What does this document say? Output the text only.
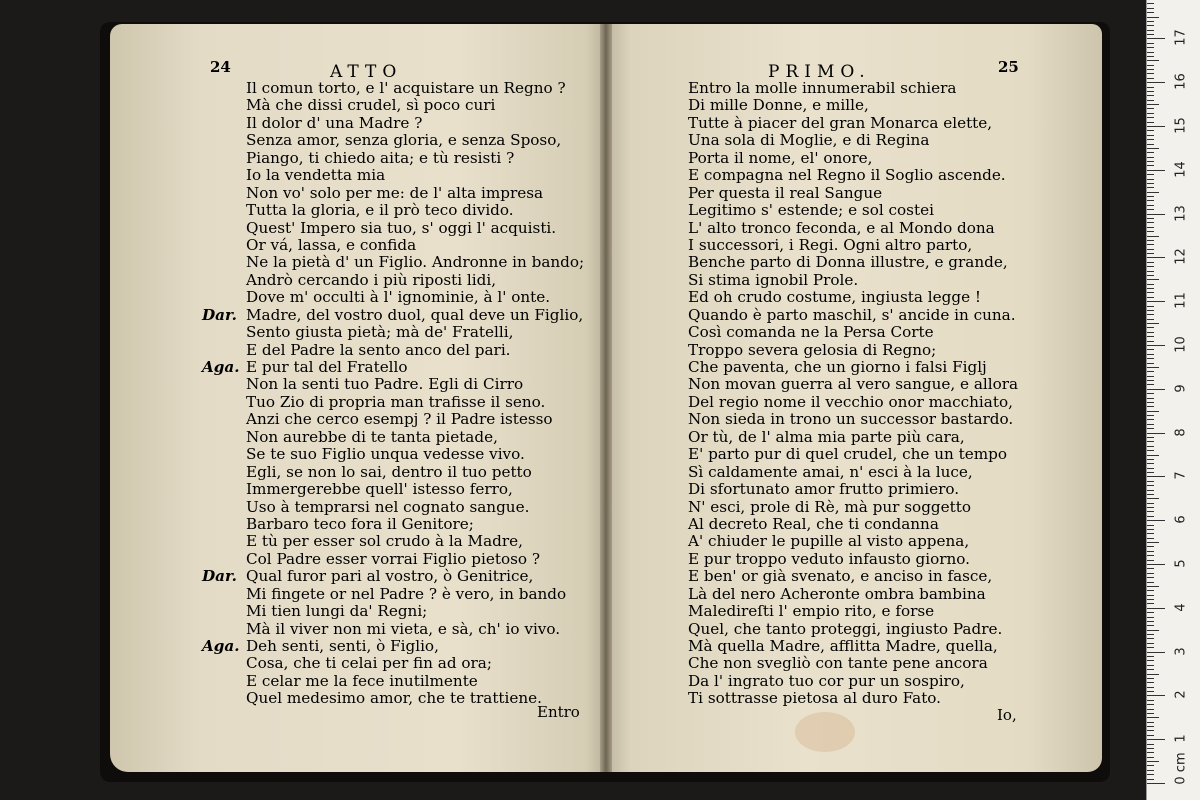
24	ATTO
Il comun torto, e l' acquistare un Regno ?
Mà che dissi crudel, sì poco curi
Il dolor d' una Madre ?
Senza amor, senza gloria, e senza Sposo,
Piango, ti chiedo aita; e tù resisti ?
Io la vendetta mia
Non vo' solo per me: de l' alta impresa
Tutta la gloria, e il prò teco divido.
Quest' Impero sia tuo, s' oggi l' acquisti.
Or vá, lassa, e confida
Ne la pietà d' un Figlio. Andronne in bando;
Andrò cercando i più riposti lidi,
Dove m' occulti à l' ignominie, à l' onte.
Dar. Madre, del vostro duol, qual deve un Figlio,
Sento giusta pietà; mà de' Fratelli,
E del Padre la sento anco del pari.
Aga. E pur tal del Fratello
Non la senti tuo Padre. Egli di Cirro
Tuo Zio di propria man trafisse il seno.
Anzi che cerco esempj ? il Padre istesso
Non aurebbe di te tanta pietade,
Se te suo Figlio unqua vedesse vivo.
Egli, se non lo sai, dentro il tuo petto
Immergerebbe quell' istesso ferro,
Uso à temprarsi nel cognato sangue.
Barbaro teco fora il Genitore;
E tù per esser sol crudo à la Madre,
Col Padre esser vorrai Figlio pietoso ?
Dar. Qual furor pari al vostro, ò Genitrice,
Mi fingete or nel Padre ? è vero, in bando
Mi tien lungi da' Regni;
Mà il viver non mi vieta, e sà, ch' io vivo.
Aga. Deh senti, senti, ò Figlio,
Cosa, che ti celai per fin ad ora;
E celar me la fece inutilmente
Quel medesimo amor, che te trattiene.
Entro
25
PRIMO.
Entro la molle innumerabil schiera
Di mille Donne, e mille,
Tutte à piacer del gran Monarca elette,
Una sola di Moglie, e di Regina
Porta il nome, el' onore,
E compagna nel Regno il Soglio ascende.
Per questa il real Sangue
Legitimo s' estende; e sol costei
L' alto tronco feconda, e al Mondo dona
I successori, i Regi. Ogni altro parto,
Benche parto di Donna illustre, e grande,
Si stima ignobil Prole.
Ed oh crudo costume, ingiusta legge !
Quando è parto maschil, s' ancide in cuna.
Così comanda ne la Persa Corte
Troppo severa gelosia di Regno;
Che paventa, che un giorno i falsi Figlj
Non movan guerra al vero sangue, e allora
Del regio nome il vecchio onor macchiato,
Non sieda in trono un successor bastardo.
Or tù, de l' alma mia parte più cara,
E' parto pur di quel crudel, che un tempo
Sì caldamente amai, n' esci à la luce,
Di sfortunato amor frutto primiero.
N' esci, prole di Rè, mà pur soggetto
Al decreto Real, che ti condanna
A' chiuder le pupille al visto appena,
E pur troppo veduto infausto giorno.
E ben' or già svenato, e anciso in fasce,
Là del nero Acheronte ombra bambina
Maledireſti l' empio rito, e forse
Quel, che tanto proteggi, ingiusto Padre.
Mà quella Madre, afflitta Madre, quella,
Che non svegliò con tante pene ancora
Da l' ingrato tuo cor pur un sospiro,
Ti sottrasse pietosa al duro Fato.
Io,
0 cm
1
2
3
4
5
6
7
8
9
10
11
12
13
14
15
16
17
